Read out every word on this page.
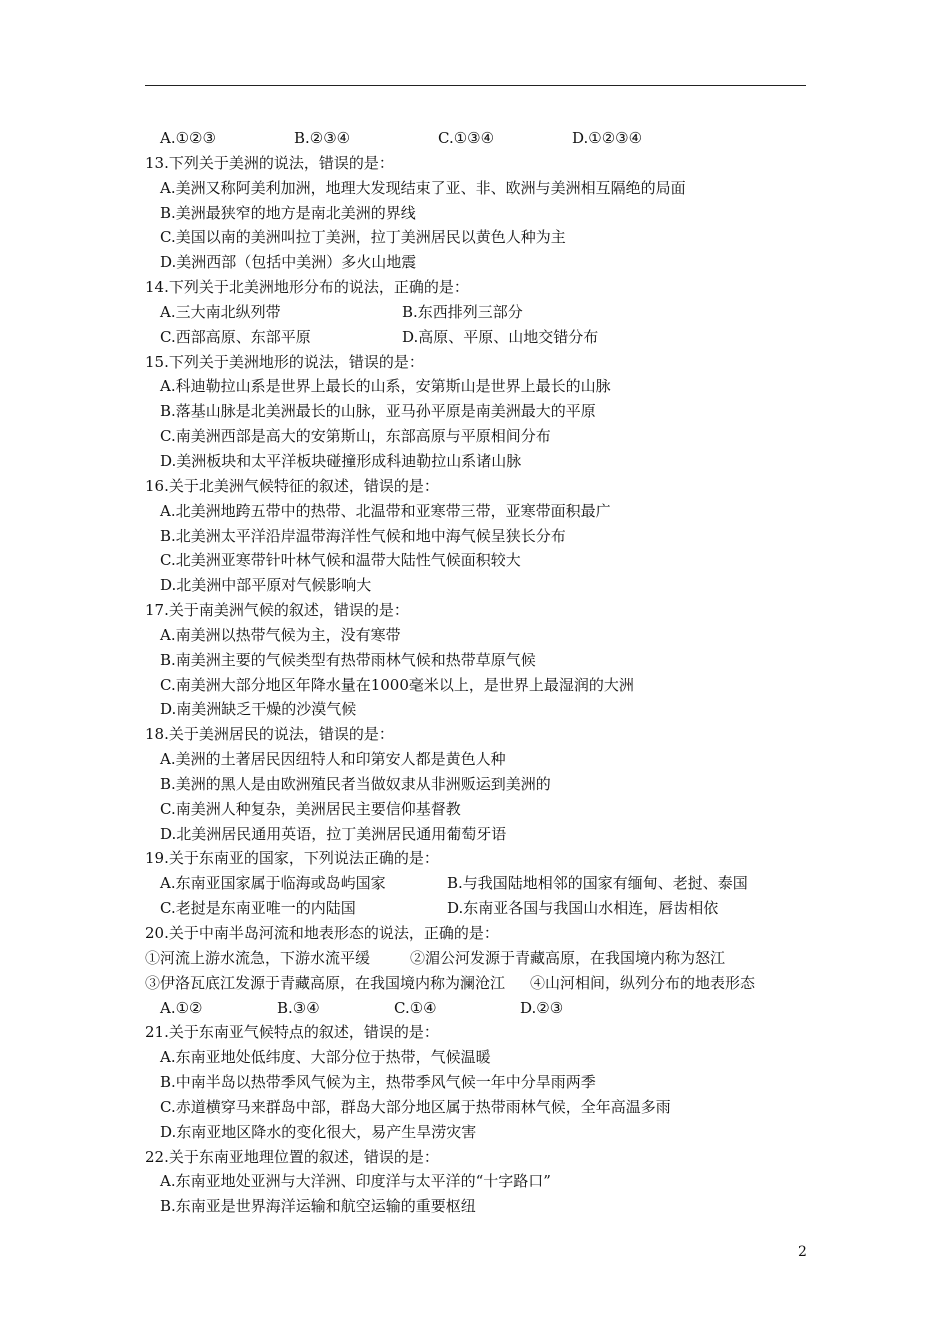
A.①②③	B.②③④	C.①③④	D.①②③④
13.下列关于美洲的说法，错误的是：
A.美洲又称阿美利加洲，地理大发现结束了亚、非、欧洲与美洲相互隔绝的局面
B.美洲最狭窄的地方是南北美洲的界线
C.美国以南的美洲叫拉丁美洲，拉丁美洲居民以黄色人种为主
D.美洲西部（包括中美洲）多火山地震
14.下列关于北美洲地形分布的说法，正确的是：
A.三大南北纵列带	B.东西排列三部分
C.西部高原、东部平原	D.高原、平原、山地交错分布
15.下列关于美洲地形的说法，错误的是：
A.科迪勒拉山系是世界上最长的山系，安第斯山是世界上最长的山脉
B.落基山脉是北美洲最长的山脉，亚马孙平原是南美洲最大的平原
C.南美洲西部是高大的安第斯山，东部高原与平原相间分布
D.美洲板块和太平洋板块碰撞形成科迪勒拉山系诸山脉
16.关于北美洲气候特征的叙述，错误的是：
A.北美洲地跨五带中的热带、北温带和亚寒带三带，亚寒带面积最广
B.北美洲太平洋沿岸温带海洋性气候和地中海气候呈狭长分布
C.北美洲亚寒带针叶林气候和温带大陆性气候面积较大
D.北美洲中部平原对气候影响大
17.关于南美洲气候的叙述，错误的是：
A.南美洲以热带气候为主，没有寒带
B.南美洲主要的气候类型有热带雨林气候和热带草原气候
C.南美洲大部分地区年降水量在1000毫米以上，是世界上最湿润的大洲
D.南美洲缺乏干燥的沙漠气候
18.关于美洲居民的说法，错误的是：
A.美洲的土著居民因纽特人和印第安人都是黄色人种
B.美洲的黑人是由欧洲殖民者当做奴隶从非洲贩运到美洲的
C.南美洲人种复杂，美洲居民主要信仰基督教
D.北美洲居民通用英语，拉丁美洲居民通用葡萄牙语
19.关于东南亚的国家，下列说法正确的是：
A.东南亚国家属于临海或岛屿国家	B.与我国陆地相邻的国家有缅甸、老挝、泰国
C.老挝是东南亚唯一的内陆国	D.东南亚各国与我国山水相连，唇齿相依
20.关于中南半岛河流和地表形态的说法，正确的是：
①河流上游水流急，下游水流平缓	②湄公河发源于青藏高原，在我国境内称为怒江
③伊洛瓦底江发源于青藏高原，在我国境内称为澜沧江	④山河相间，纵列分布的地表形态
A.①②	B.③④	C.①④	D.②③
21.关于东南亚气候特点的叙述，错误的是：
A.东南亚地处低纬度、大部分位于热带，气候温暖
B.中南半岛以热带季风气候为主，热带季风气候一年中分旱雨两季
C.赤道横穿马来群岛中部，群岛大部分地区属于热带雨林气候，全年高温多雨
D.东南亚地区降水的变化很大，易产生旱涝灾害
22.关于东南亚地理位置的叙述，错误的是：
A.东南亚地处亚洲与大洋洲、印度洋与太平洋的“十字路口”
B.东南亚是世界海洋运输和航空运输的重要枢纽
2
